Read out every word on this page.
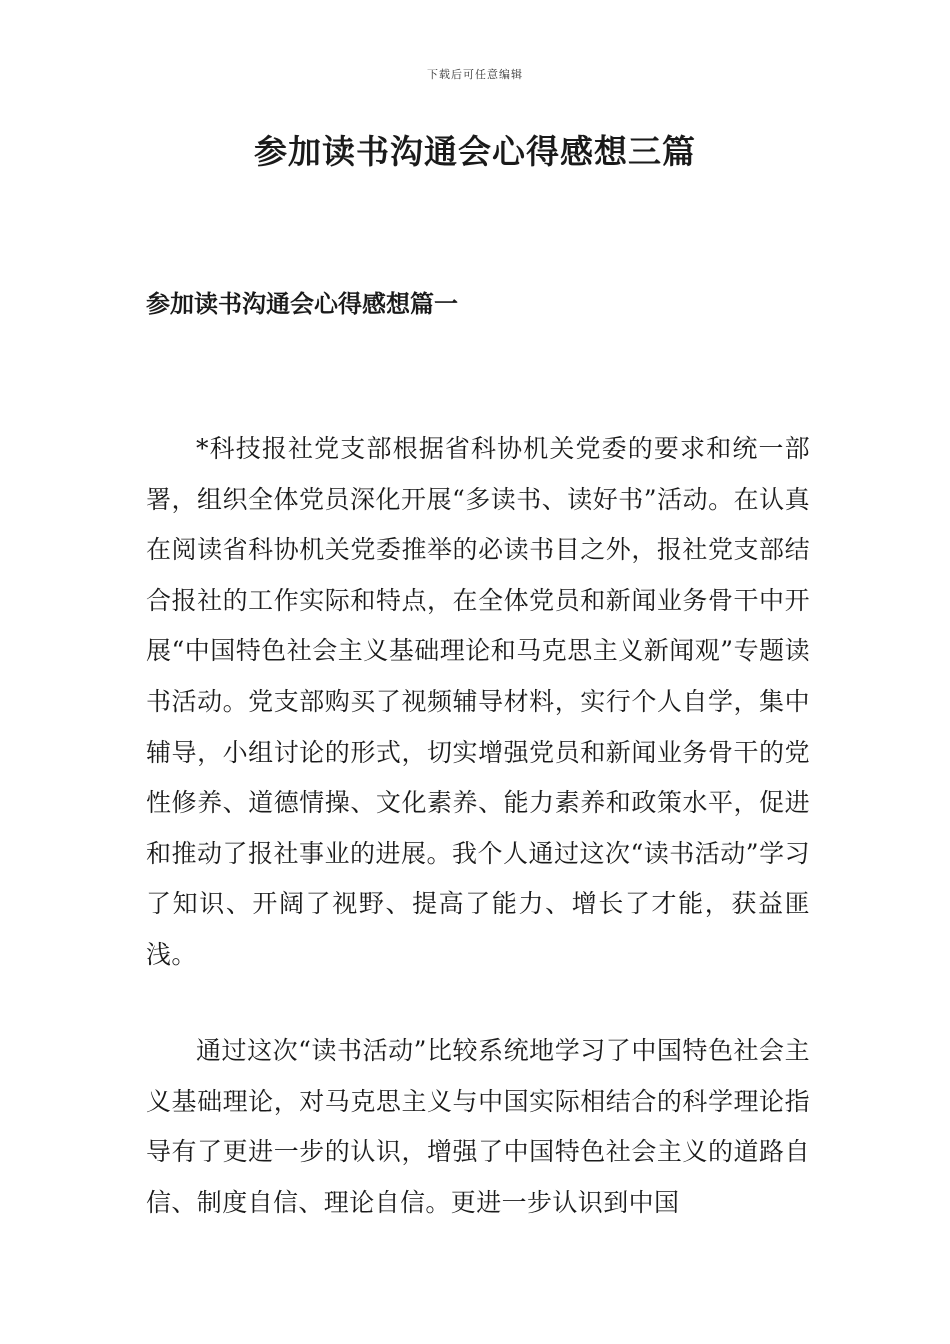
下载后可任意编辑
参加读书沟通会心得感想三篇
参加读书沟通会心得感想篇一

*科技报社党支部根据省科协机关党委的要求和统一部署，组织全体党员深化开展“多读书、读好书”活动。在认真在阅读省科协机关党委推举的必读书目之外，报社党支部结合报社的工作实际和特点，在全体党员和新闻业务骨干中开展“中国特色社会主义基础理论和马克思主义新闻观”专题读书活动。党支部购买了视频辅导材料，实行个人自学，集中辅导，小组讨论的形式，切实增强党员和新闻业务骨干的党性修养、道德情操、文化素养、能力素养和政策水平，促进和推动了报社事业的进展。我个人通过这次“读书活动”学习了知识、开阔了视野、提高了能力、增长了才能，获益匪浅。

通过这次“读书活动”比较系统地学习了中国特色社会主义基础理论，对马克思主义与中国实际相结合的科学理论指导有了更进一步的认识，增强了中国特色社会主义的道路自信、制度自信、理论自信。更进一步认识到中国
